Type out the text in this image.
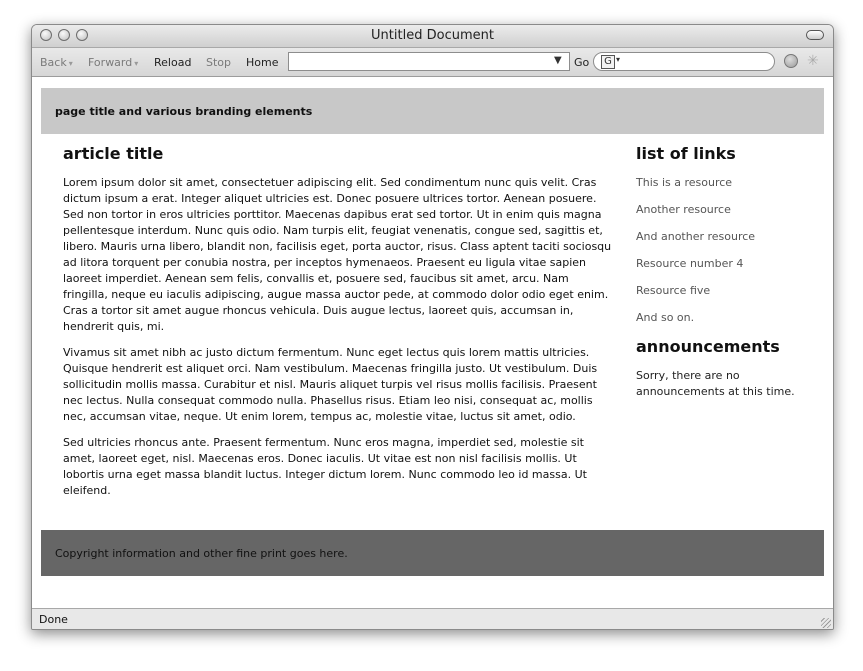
Untitled Document
Back ▾ Forward ▾ Reload Stop Home	▼ Go	G ▾	✳
page title and various branding elements
article title

Lorem ipsum dolor sit amet, consectetuer adipiscing elit. Sed condimentum nunc quis velit. Cras dictum ipsum a erat. Integer aliquet ultricies est. Donec posuere ultrices tortor. Aenean posuere. Sed non tortor in eros ultricies porttitor. Maecenas dapibus erat sed tortor. Ut in enim quis magna pellentesque interdum. Nunc quis odio. Nam turpis elit, feugiat venenatis, congue sed, sagittis et, libero. Mauris urna libero, blandit non, facilisis eget, porta auctor, risus. Class aptent taciti sociosqu ad litora torquent per conubia nostra, per inceptos hymenaeos. Praesent eu ligula vitae sapien laoreet imperdiet. Aenean sem felis, convallis et, posuere sed, faucibus sit amet, arcu. Nam fringilla, neque eu iaculis adipiscing, augue massa auctor pede, at commodo dolor odio eget enim. Cras a tortor sit amet augue rhoncus vehicula. Duis augue lectus, laoreet quis, accumsan in, hendrerit quis, mi.

Vivamus sit amet nibh ac justo dictum fermentum. Nunc eget lectus quis lorem mattis ultricies. Quisque hendrerit est aliquet orci. Nam vestibulum. Maecenas fringilla justo. Ut vestibulum. Duis sollicitudin mollis massa. Curabitur et nisl. Mauris aliquet turpis vel risus mollis facilisis. Praesent nec lectus. Nulla consequat commodo nulla. Phasellus risus. Etiam leo nisi, consequat ac, mollis nec, accumsan vitae, neque. Ut enim lorem, tempus ac, molestie vitae, luctus sit amet, odio.

Sed ultricies rhoncus ante. Praesent fermentum. Nunc eros magna, imperdiet sed, molestie sit amet, laoreet eget, nisl. Maecenas eros. Donec iaculis. Ut vitae est non nisl facilisis mollis. Ut lobortis urna eget massa blandit luctus. Integer dictum lorem. Nunc commodo leo id massa. Ut eleifend.

list of links
This is a resource
Another resource
And another resource
Resource number 4
Resource five
And so on.
announcements
Sorry, there are no announcements at this time.
Copyright information and other fine print goes here.
Done
